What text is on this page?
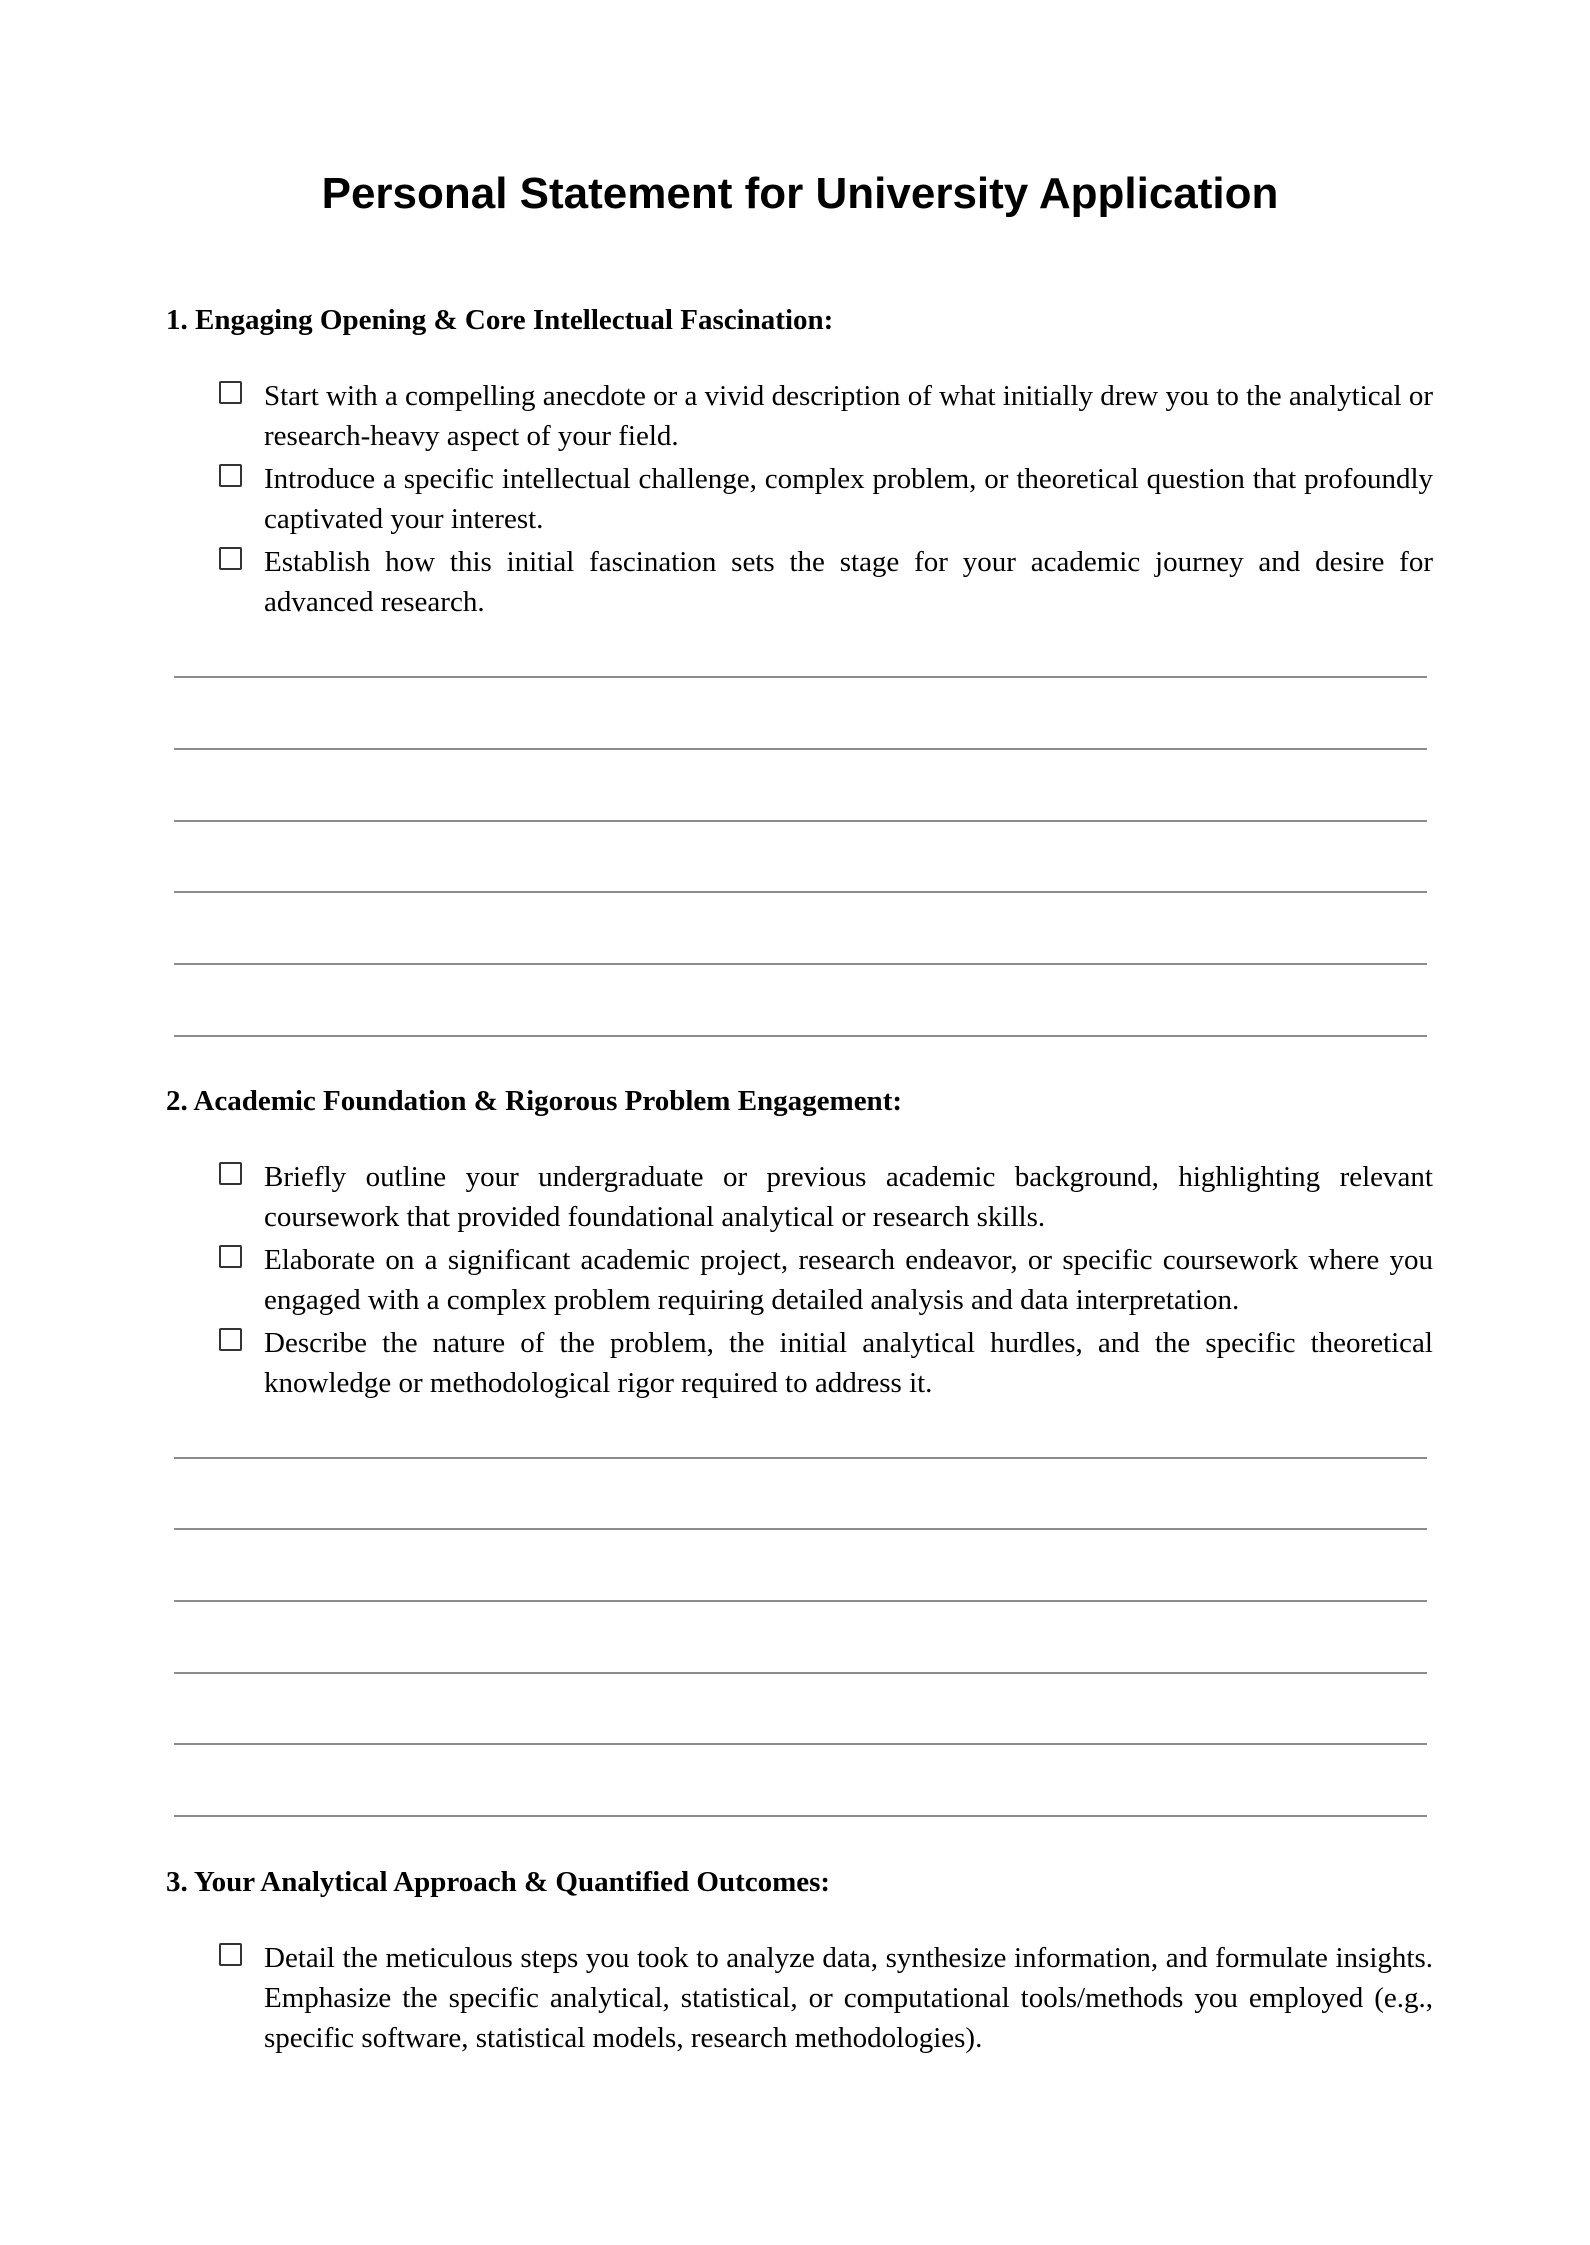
Personal Statement for University Application
1. Engaging Opening & Core Intellectual Fascination:

Start with a compelling anecdote or a vivid description of what initially drew you to the analytical or research-heavy aspect of your field.

Introduce a specific intellectual challenge, complex problem, or theoretical question that profoundly captivated your interest.

Establish how this initial fascination sets the stage for your academic journey and desire for advanced research.

2. Academic Foundation & Rigorous Problem Engagement:

Briefly outline your undergraduate or previous academic background, highlighting relevant coursework that provided foundational analytical or research skills.

Elaborate on a significant academic project, research endeavor, or specific coursework where you engaged with a complex problem requiring detailed analysis and data interpretation.

Describe the nature of the problem, the initial analytical hurdles, and the specific theoretical knowledge or methodological rigor required to address it.

3. Your Analytical Approach & Quantified Outcomes:

Detail the meticulous steps you took to analyze data, synthesize information, and formulate insights. Emphasize the specific analytical, statistical, or computational tools/methods you employed (e.g., specific software, statistical models, research methodologies).
